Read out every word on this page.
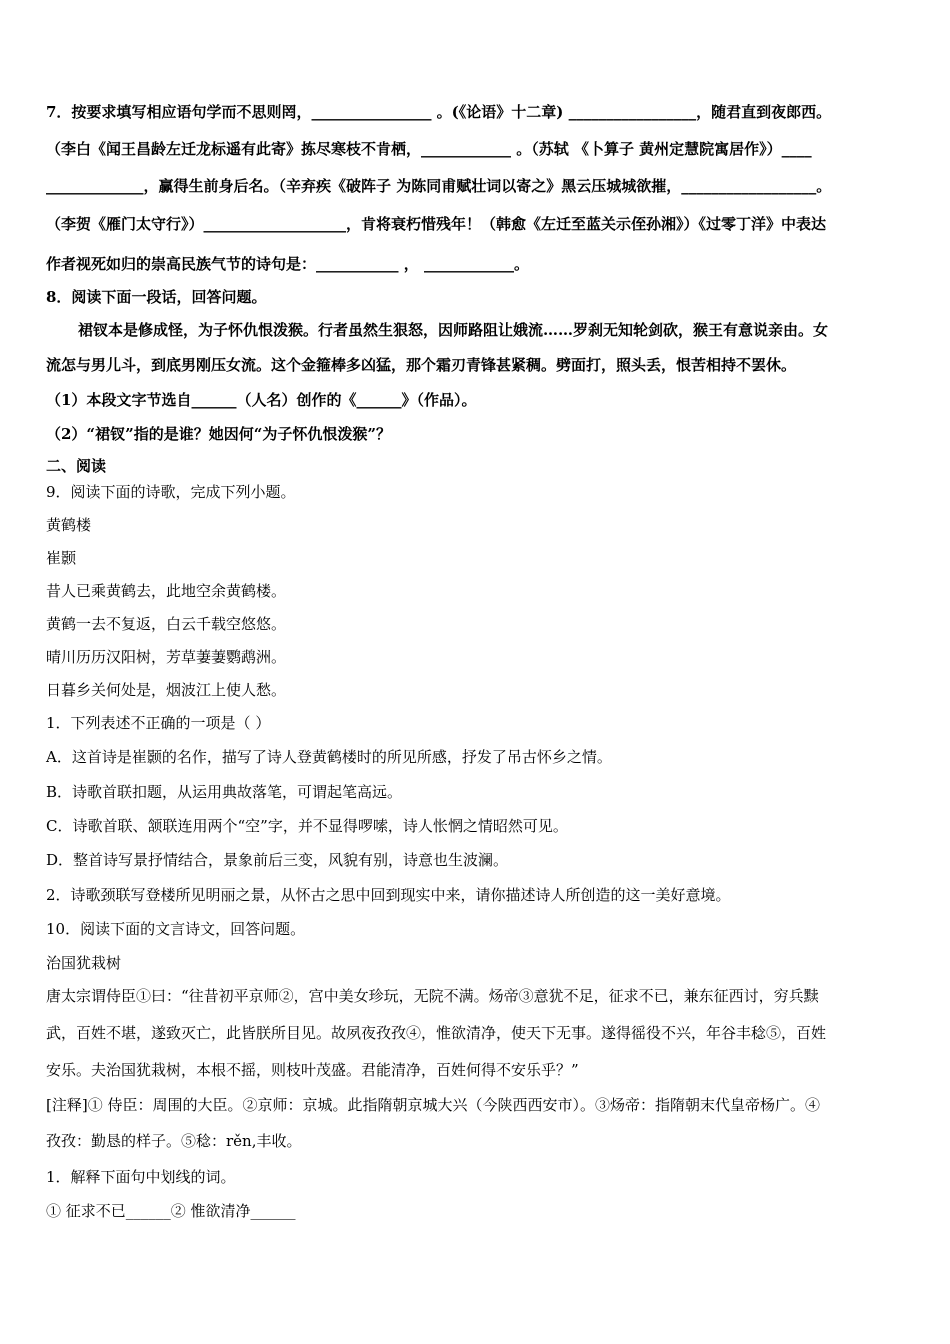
7．按要求填写相应语句学而不思则罔，________________ 。(《论语》十二章) _________________，随君直到夜郎西。
（李白《闻王昌龄左迁龙标遥有此寄》拣尽寒枝不肯栖，____________ 。（苏轼 《卜算子 黄州定慧院寓居作》）____
_____________，赢得生前身后名。（辛弃疾《破阵子 为陈同甫赋壮词以寄之》黑云压城城欲摧，__________________。
（李贺《雁门太守行》）___________________，肯将衰朽惜残年！（韩愈《左迁至蓝关示侄孙湘》）《过零丁洋》中表达
作者视死如归的崇高民族气节的诗句是：___________ ， ____________。
8．阅读下面一段话，回答问题。
裙钗本是修成怪，为子怀仇恨泼猴。行者虽然生狠怒，因师路阻让娥流……罗刹无知轮剑砍，猴王有意说亲由。女
流怎与男儿斗，到底男刚压女流。这个金箍棒多凶猛，那个霜刃青锋甚紧稠。劈面打，照头丢，恨苦相持不罢休。
（1）本段文字节选自______（人名）创作的《______》（作品）。
（2）“裙钗”指的是谁？她因何“为子怀仇恨泼猴”？
二、阅读
9．阅读下面的诗歌，完成下列小题。
黄鹤楼
崔颢
昔人已乘黄鹤去，此地空余黄鹤楼。
黄鹤一去不复返，白云千载空悠悠。
晴川历历汉阳树，芳草萋萋鹦鹉洲。
日暮乡关何处是，烟波江上使人愁。
1．下列表述不正确的一项是（ ）
A．这首诗是崔颢的名作，描写了诗人登黄鹤楼时的所见所感，抒发了吊古怀乡之情。
B．诗歌首联扣题，从运用典故落笔，可谓起笔高远。
C．诗歌首联、颔联连用两个“空”字，并不显得啰嗦，诗人怅惘之情昭然可见。
D．整首诗写景抒情结合，景象前后三变，风貌有别，诗意也生波澜。
2．诗歌颈联写登楼所见明丽之景，从怀古之思中回到现实中来，请你描述诗人所创造的这一美好意境。
10．阅读下面的文言诗文，回答问题。
治国犹栽树
唐太宗谓侍臣①曰：“往昔初平京师②，宫中美女珍玩，无院不满。炀帝③意犹不足，征求不已，兼东征西讨，穷兵黩
武，百姓不堪，遂致灭亡，此皆朕所目见。故夙夜孜孜④，惟欲清净，使天下无事。遂得徭役不兴，年谷丰稔⑤，百姓
安乐。夫治国犹栽树，本根不摇，则枝叶茂盛。君能清净，百姓何得不安乐乎？”
[注释]① 侍臣：周围的大臣。②京师：京城。此指隋朝京城大兴（今陕西西安市）。③炀帝：指隋朝末代皇帝杨广。④
孜孜：勤恳的样子。⑤稔：rěn,丰收。
1．解释下面句中划线的词。
① 征求不已______② 惟欲清净______
